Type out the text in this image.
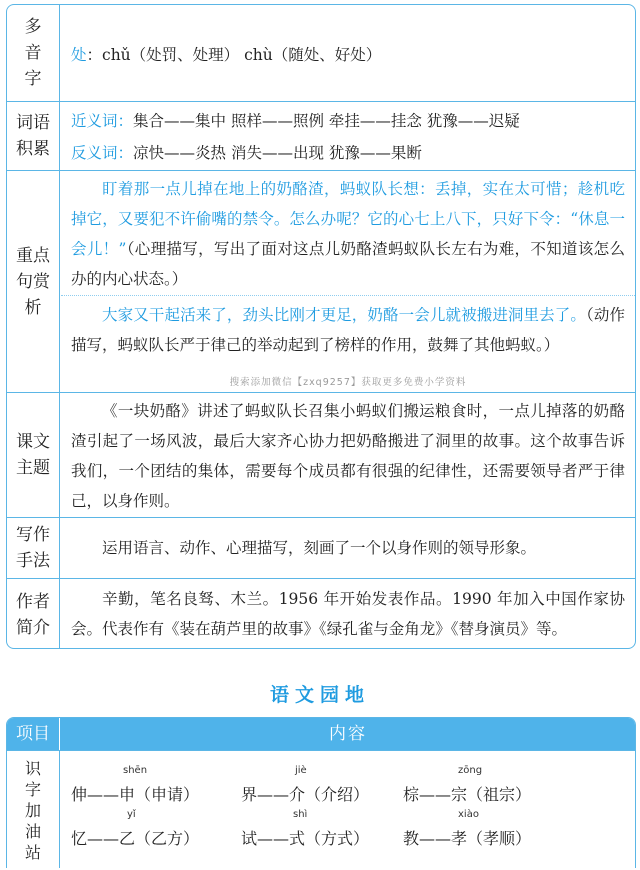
多
音
字
处：chǔ（处罚、处理） chù（随处、好处）
词语
积累
近义词：集合——集中 照样——照例 牵挂——挂念 犹豫——迟疑
反义词：凉快——炎热 消失——出现 犹豫——果断
重点
句赏
析

盯着那一点儿掉在地上的奶酪渣，蚂蚁队长想：丢掉，实在太可惜；趁机吃掉它，又要犯不许偷嘴的禁令。怎么办呢？它的心七上八下，只好下令：“休息一会儿！”（心理描写，写出了面对这点儿奶酪渣蚂蚁队长左右为难，不知道该怎么办的内心状态。）

大家又干起活来了，劲头比刚才更足，奶酪一会儿就被搬进洞里去了。（动作描写，蚂蚁队长严于律己的举动起到了榜样的作用，鼓舞了其他蚂蚁。）

搜索添加微信【zxq9257】获取更多免费小学资料
课文
主题

《一块奶酪》讲述了蚂蚁队长召集小蚂蚁们搬运粮食时，一点儿掉落的奶酪渣引起了一场风波，最后大家齐心协力把奶酪搬进了洞里的故事。这个故事告诉我们，一个团结的集体，需要每个成员都有很强的纪律性，还需要领导者严于律己，以身作则。

写作
手法

运用语言、动作、心理描写，刻画了一个以身作则的领导形象。

作者
简介

辛勤，笔名良驽、木兰。1956 年开始发表作品。1990 年加入中国作家协会。代表作有《装在葫芦里的故事》《绿孔雀与金角龙》《替身演员》等。

语文园地
项目	内容
识
字
加
油
站
shēn
伸——申（申请）
jiè
界——介（介绍）
zōng
棕——宗（祖宗）
yǐ
忆——乙（乙方）
shì
试——式（方式）
xiào
教——孝（孝顺）
